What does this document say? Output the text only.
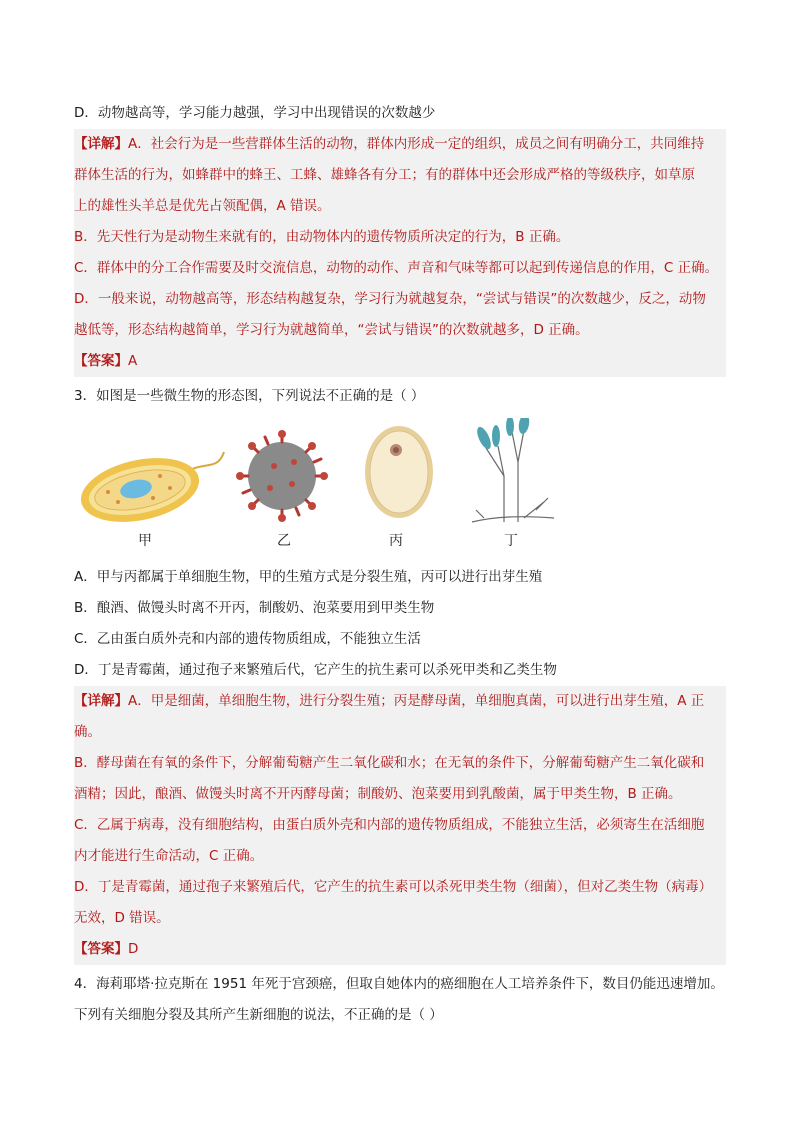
D．动物越高等，学习能力越强，学习中出现错误的次数越少
【详解】A．社会行为是一些营群体生活的动物，群体内形成一定的组织，成员之间有明确分工，共同维持
群体生活的行为，如蜂群中的蜂王、工蜂、雄蜂各有分工；有的群体中还会形成严格的等级秩序，如草原
上的雄性头羊总是优先占领配偶，A 错误。
B．先天性行为是动物生来就有的，由动物体内的遗传物质所决定的行为，B 正确。
C．群体中的分工合作需要及时交流信息，动物的动作、声音和气味等都可以起到传递信息的作用，C 正确。
D．一般来说，动物越高等，形态结构越复杂，学习行为就越复杂，“尝试与错误”的次数越少，反之，动物
越低等，形态结构越简单，学习行为就越简单，“尝试与错误”的次数就越多，D 正确。
【答案】A
3．如图是一些微生物的形态图，下列说法不正确的是（ ）
甲	乙	丙	丁
A．甲与丙都属于单细胞生物，甲的生殖方式是分裂生殖，丙可以进行出芽生殖
B．酿酒、做馒头时离不开丙，制酸奶、泡菜要用到甲类生物
C．乙由蛋白质外壳和内部的遗传物质组成，不能独立生活
D．丁是青霉菌，通过孢子来繁殖后代，它产生的抗生素可以杀死甲类和乙类生物
【详解】A．甲是细菌，单细胞生物，进行分裂生殖；丙是酵母菌，单细胞真菌，可以进行出芽生殖，A 正
确。
B．酵母菌在有氧的条件下，分解葡萄糖产生二氧化碳和水；在无氧的条件下，分解葡萄糖产生二氧化碳和
酒精；因此，酿酒、做馒头时离不开丙酵母菌；制酸奶、泡菜要用到乳酸菌，属于甲类生物，B 正确。
C．乙属于病毒，没有细胞结构，由蛋白质外壳和内部的遗传物质组成，不能独立生活，必须寄生在活细胞
内才能进行生命活动，C 正确。
D．丁是青霉菌，通过孢子来繁殖后代，它产生的抗生素可以杀死甲类生物（细菌），但对乙类生物（病毒）
无效，D 错误。
【答案】D
4．海莉耶塔·拉克斯在 1951 年死于宫颈癌，但取自她体内的癌细胞在人工培养条件下，数目仍能迅速增加。
下列有关细胞分裂及其所产生新细胞的说法，不正确的是（ ）
